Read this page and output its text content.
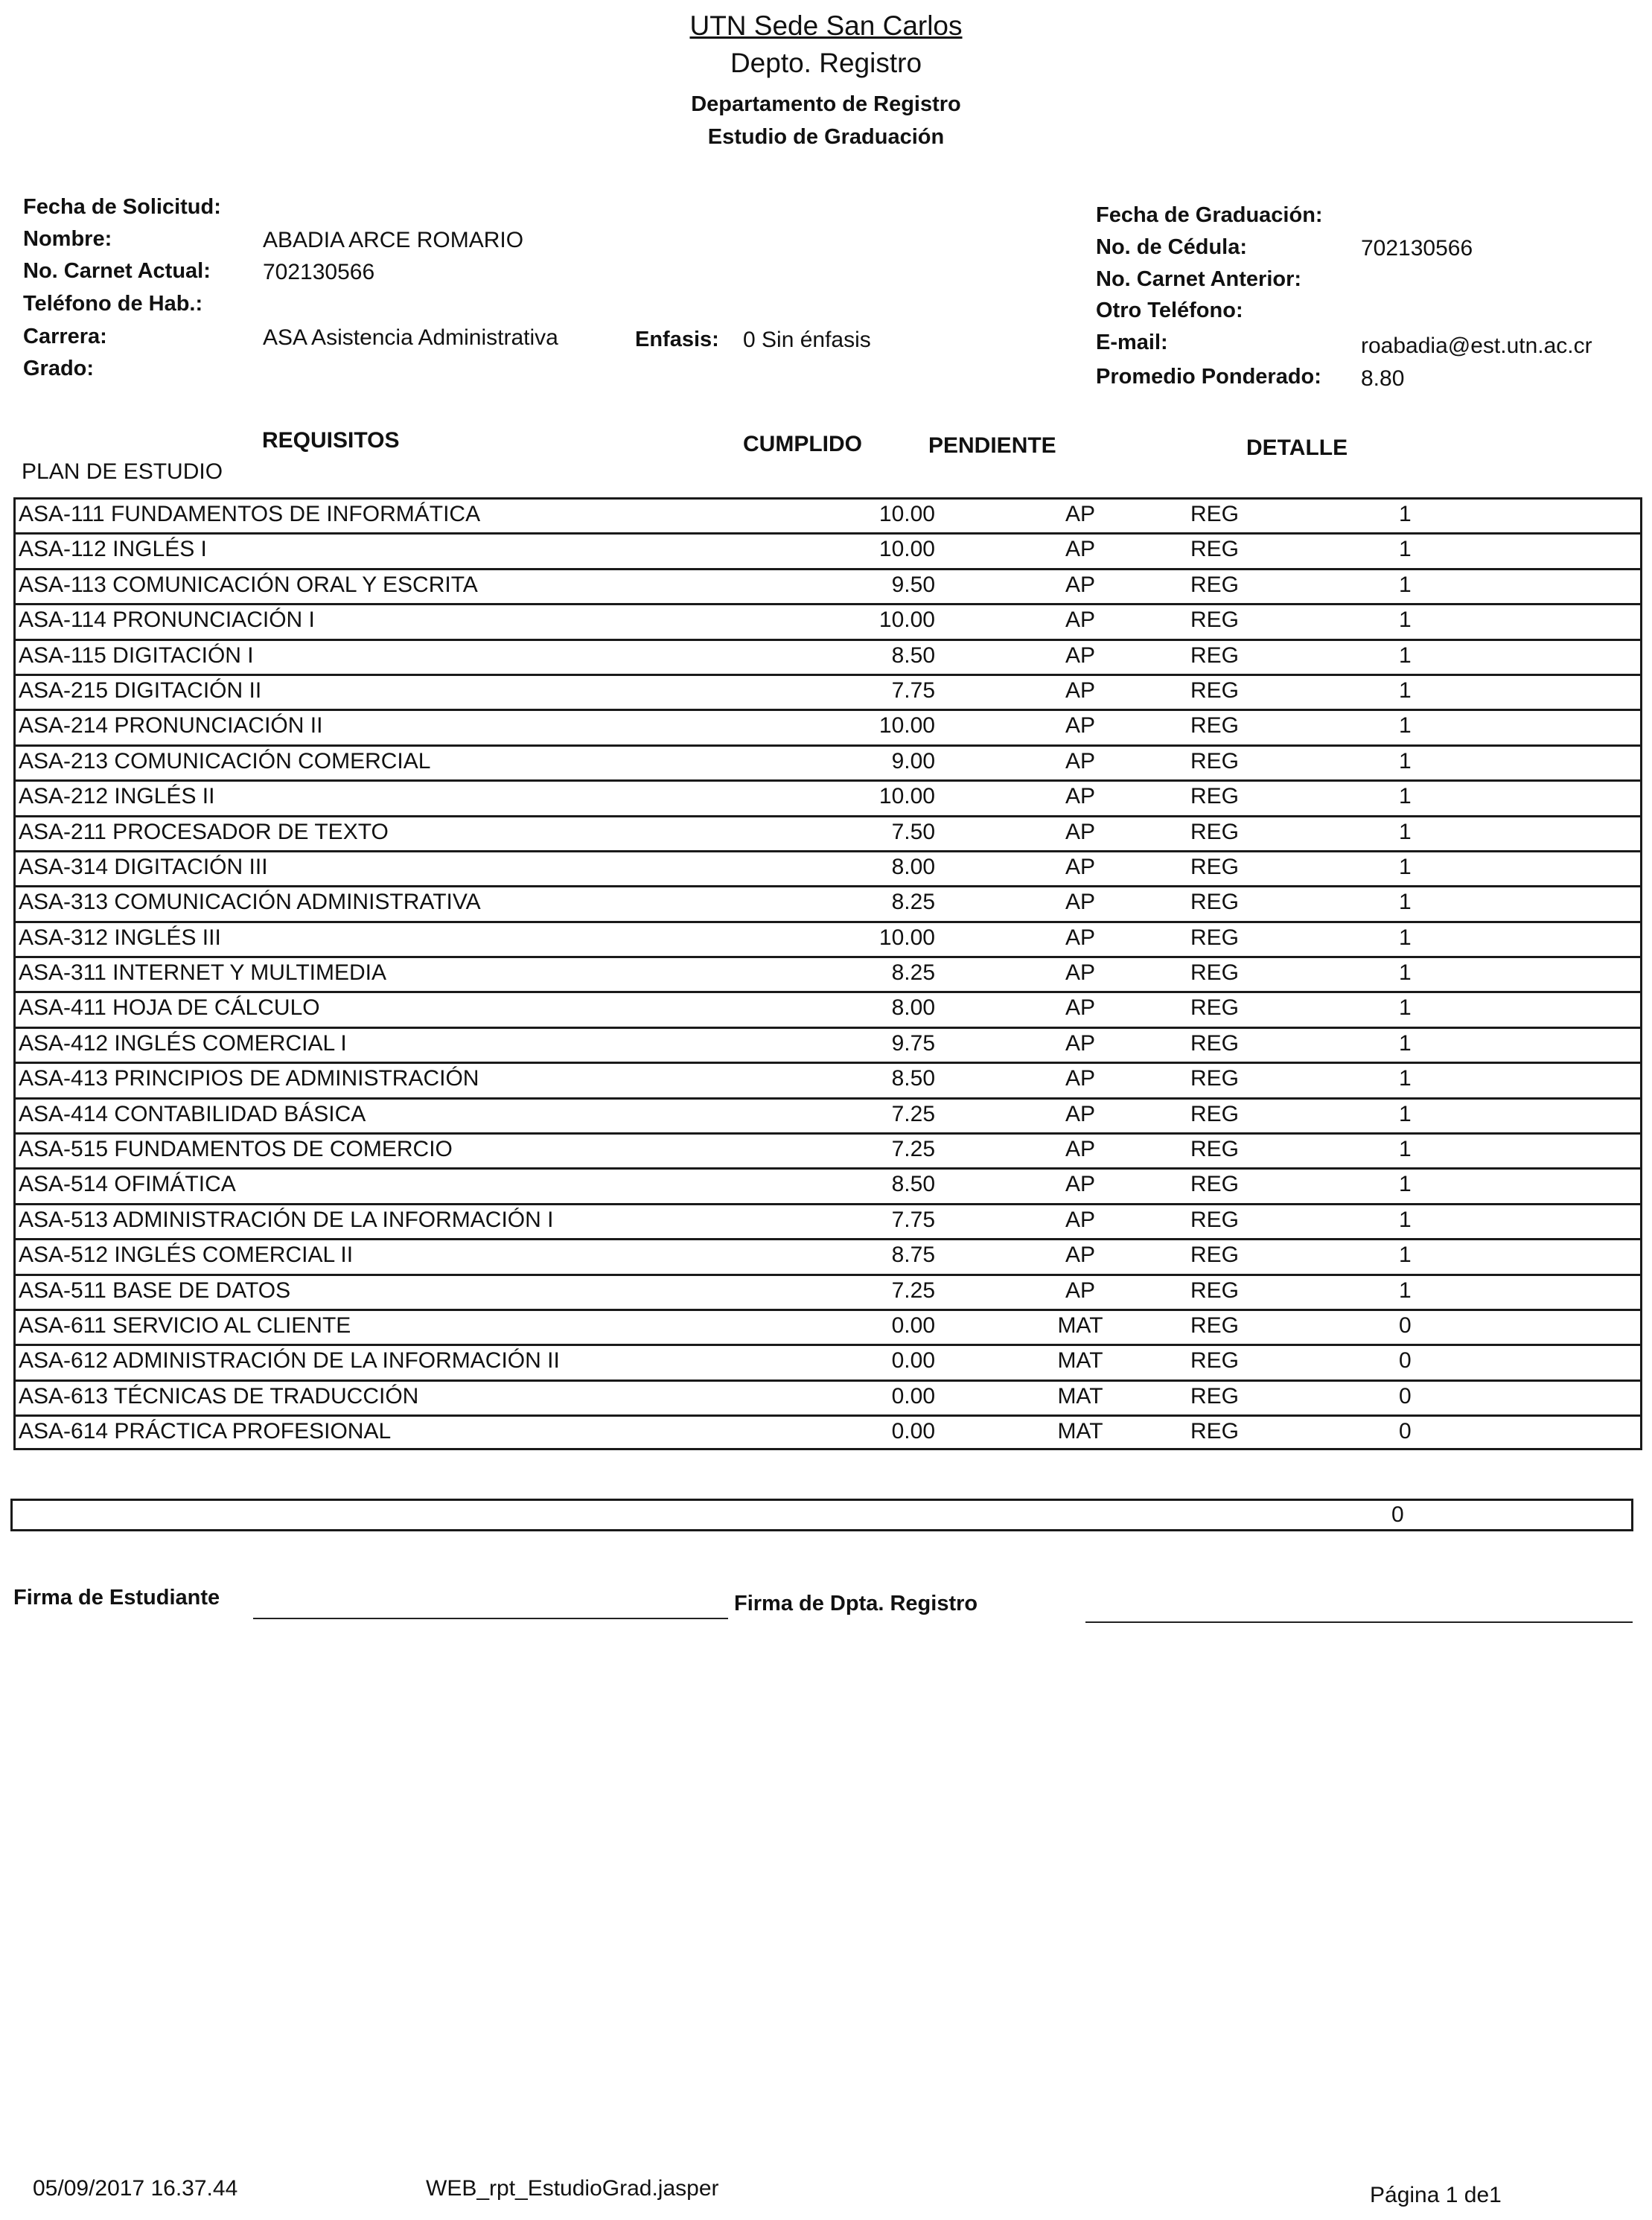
UTN Sede San Carlos
Depto. Registro
Departamento de Registro
Estudio de Graduación
Fecha de Solicitud:
Nombre:	ABADIA ARCE ROMARIO
No. Carnet Actual: 702130566
Teléfono de Hab.:
Carrera:	ASA Asistencia Administrativa	Enfasis: 0 Sin énfasis
Grado:
Fecha de Graduación:
No. de Cédula:	702130566
No. Carnet Anterior:
Otro Teléfono:
E-mail:	roabadia@est.utn.ac.cr
Promedio Ponderado: 8.80
REQUISITOS	CUMPLIDO	PENDIENTE	DETALLE
PLAN DE ESTUDIO
ASA-111 FUNDAMENTOS DE INFORMÁTICA	10.00	AP	REG	1
ASA-112 INGLÉS I	10.00	AP	REG	1
ASA-113 COMUNICACIÓN ORAL Y ESCRITA	9.50	AP	REG	1
ASA-114 PRONUNCIACIÓN I	10.00	AP	REG	1
ASA-115 DIGITACIÓN I	8.50	AP	REG	1
ASA-215 DIGITACIÓN II	7.75	AP	REG	1
ASA-214 PRONUNCIACIÓN II	10.00	AP	REG	1
ASA-213 COMUNICACIÓN COMERCIAL	9.00	AP	REG	1
ASA-212 INGLÉS II	10.00	AP	REG	1
ASA-211 PROCESADOR DE TEXTO	7.50	AP	REG	1
ASA-314 DIGITACIÓN III	8.00	AP	REG	1
ASA-313 COMUNICACIÓN ADMINISTRATIVA	8.25	AP	REG	1
ASA-312 INGLÉS III	10.00	AP	REG	1
ASA-311 INTERNET Y MULTIMEDIA	8.25	AP	REG	1
ASA-411 HOJA DE CÁLCULO	8.00	AP	REG	1
ASA-412 INGLÉS COMERCIAL I	9.75	AP	REG	1
ASA-413 PRINCIPIOS DE ADMINISTRACIÓN	8.50	AP	REG	1
ASA-414 CONTABILIDAD BÁSICA	7.25	AP	REG	1
ASA-515 FUNDAMENTOS DE COMERCIO	7.25	AP	REG	1
ASA-514 OFIMÁTICA	8.50	AP	REG	1
ASA-513 ADMINISTRACIÓN DE LA INFORMACIÓN I	7.75	AP	REG	1
ASA-512 INGLÉS COMERCIAL II	8.75	AP	REG	1
ASA-511 BASE DE DATOS	7.25	AP	REG	1
ASA-611 SERVICIO AL CLIENTE	0.00	MAT	REG	0
ASA-612 ADMINISTRACIÓN DE LA INFORMACIÓN II	0.00	MAT	REG	0
ASA-613 TÉCNICAS DE TRADUCCIÓN	0.00	MAT	REG	0
ASA-614 PRÁCTICA PROFESIONAL	0.00	MAT	REG	0
0
Firma de Estudiante	Firma de Dpta. Registro
05/09/2017 16.37.44	WEB_rpt_EstudioGrad.jasper	Página 1 de1
